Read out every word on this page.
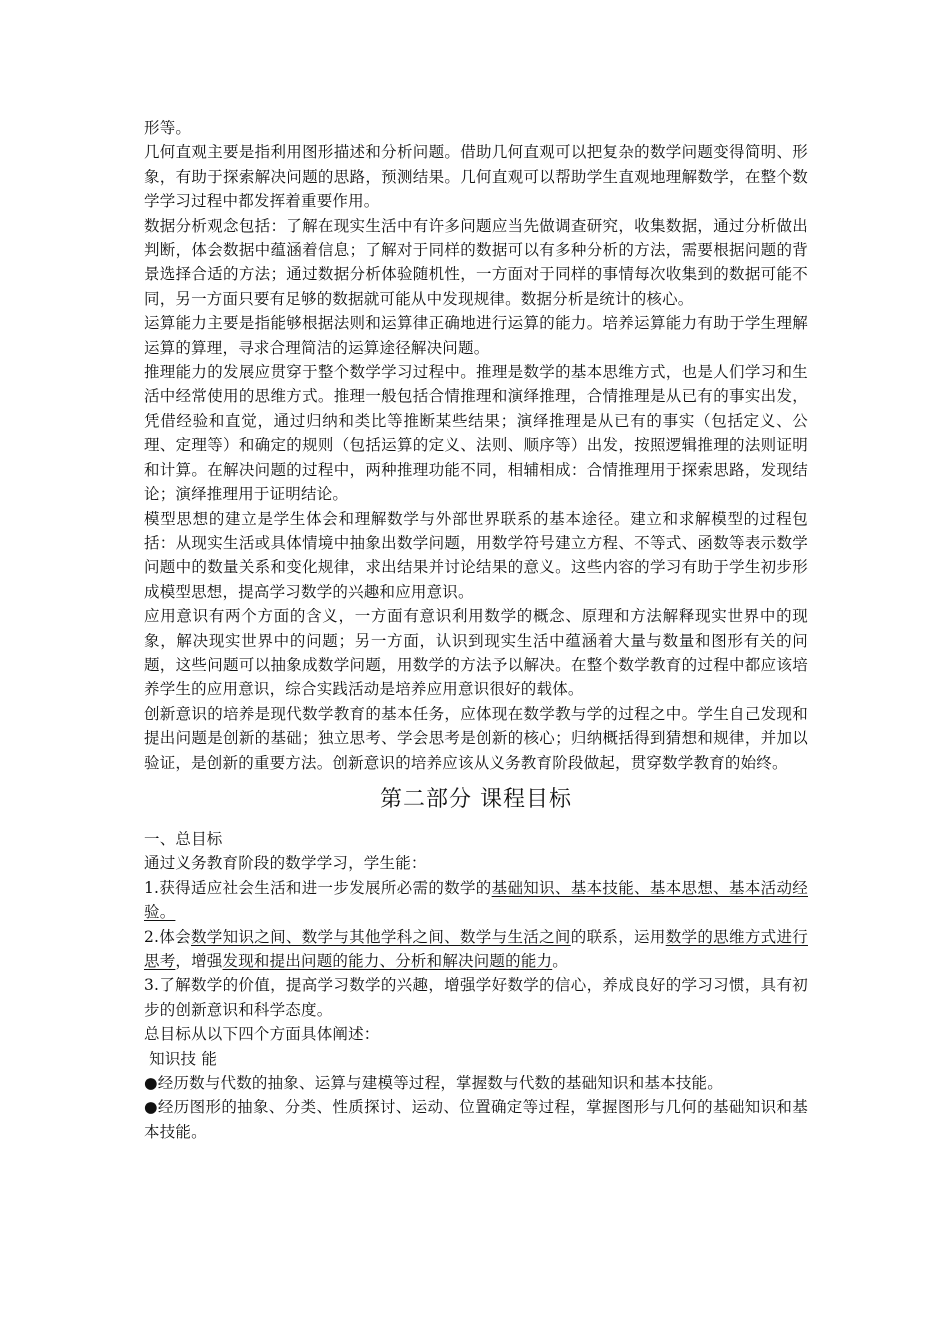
形等。

几何直观主要是指利用图形描述和分析问题。借助几何直观可以把复杂的数学问题变得简明、形象，有助于探索解决问题的思路，预测结果。几何直观可以帮助学生直观地理解数学，在整个数学学习过程中都发挥着重要作用。

数据分析观念包括：了解在现实生活中有许多问题应当先做调查研究，收集数据，通过分析做出判断，体会数据中蕴涵着信息；了解对于同样的数据可以有多种分析的方法，需要根据问题的背景选择合适的方法；通过数据分析体验随机性，一方面对于同样的事情每次收集到的数据可能不同，另一方面只要有足够的数据就可能从中发现规律。数据分析是统计的核心。

运算能力主要是指能够根据法则和运算律正确地进行运算的能力。培养运算能力有助于学生理解运算的算理，寻求合理简洁的运算途径解决问题。

推理能力的发展应贯穿于整个数学学习过程中。推理是数学的基本思维方式，也是人们学习和生活中经常使用的思维方式。推理一般包括合情推理和演绎推理，合情推理是从已有的事实出发，凭借经验和直觉，通过归纳和类比等推断某些结果；演绎推理是从已有的事实（包括定义、公理、定理等）和确定的规则（包括运算的定义、法则、顺序等）出发，按照逻辑推理的法则证明和计算。在解决问题的过程中，两种推理功能不同，相辅相成：合情推理用于探索思路，发现结论；演绎推理用于证明结论。

模型思想的建立是学生体会和理解数学与外部世界联系的基本途径。建立和求解模型的过程包括：从现实生活或具体情境中抽象出数学问题，用数学符号建立方程、不等式、函数等表示数学问题中的数量关系和变化规律，求出结果并讨论结果的意义。这些内容的学习有助于学生初步形成模型思想，提高学习数学的兴趣和应用意识。

应用意识有两个方面的含义，一方面有意识利用数学的概念、原理和方法解释现实世界中的现象，解决现实世界中的问题；另一方面，认识到现实生活中蕴涵着大量与数量和图形有关的问题，这些问题可以抽象成数学问题，用数学的方法予以解决。在整个数学教育的过程中都应该培养学生的应用意识，综合实践活动是培养应用意识很好的载体。

创新意识的培养是现代数学教育的基本任务，应体现在数学教与学的过程之中。学生自己发现和提出问题是创新的基础；独立思考、学会思考是创新的核心；归纳概括得到猜想和规律，并加以验证，是创新的重要方法。创新意识的培养应该从义务教育阶段做起，贯穿数学教育的始终。

第二部分 课程目标

一、总目标

通过义务教育阶段的数学学习，学生能：

1.获得适应社会生活和进一步发展所必需的数学的基础知识、基本技能、基本思想、基本活动经验。

2.体会数学知识之间、数学与其他学科之间、数学与生活之间的联系，运用数学的思维方式进行思考，增强发现和提出问题的能力、分析和解决问题的能力。

3.了解数学的价值，提高学习数学的兴趣，增强学好数学的信心，养成良好的学习习惯，具有初步的创新意识和科学态度。

总目标从以下四个方面具体阐述：

知识技 能

●经历数与代数的抽象、运算与建模等过程，掌握数与代数的基础知识和基本技能。

●经历图形的抽象、分类、性质探讨、运动、位置确定等过程，掌握图形与几何的基础知识和基本技能。
